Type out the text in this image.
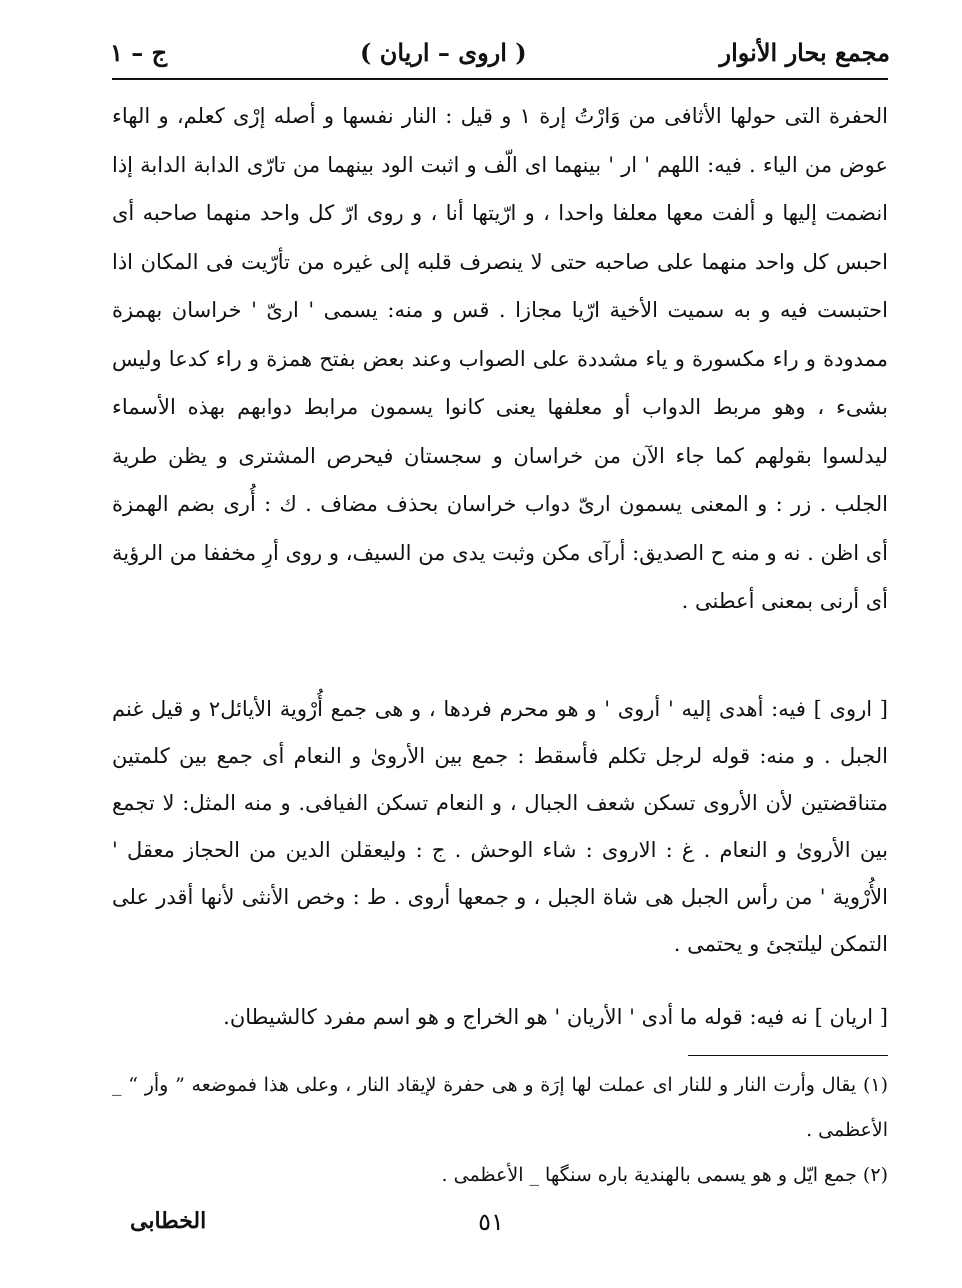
مجمع بحار الأنوار
( اروى – اريان )
ج – ١

الحفرة التى حولها الأثافى من وَارْتُ إرة ١ و قيل : النار نفسها و أصله إرْى كعلم، و الهاء عوض من الياء . فيه: اللهم ' ار ' بينهما اى الّف و اثبت الود بينهما من تارّى الدابة الدابة إذا انضمت إليها و ألفت معها معلفا واحدا ، و ارّيتها أنا ، و روى ارّ كل واحد منهما صاحبه أى احبس كل واحد منهما على صاحبه حتى لا ينصرف قلبه إلى غيره من تأرّيت فى المكان اذا احتبست فيه و به سميت الأخية ارّيا مجازا . قس و منه: يسمى ' ارىّ ' خراسان بهمزة ممدودة و راء مكسورة و ياء مشددة على الصواب وعند بعض بفتح همزة و راء كدعا وليس بشىء ، وهو مربط الدواب أو معلفها يعنى كانوا يسمون مرابط دوابهم بهذه الأسماء ليدلسوا بقولهم كما جاء الآن من خراسان و سجستان فيحرص المشترى و يظن طرية الجلب . زر : و المعنى يسمون ارىّ دواب خراسان بحذف مضاف . ك : أُرى بضم الهمزة أى اظن . نه و منه ح الصديق: أرآى مكن وثبت يدى من السيف، و روى أرِ مخففا من الرؤية أى أرنى بمعنى أعطنى .

[ اروى ] فيه: أهدى إليه ' أروى ' و هو محرم فردها ، و هى جمع أُرْوية الأيائل٢ و قيل غنم الجبل . و منه: قوله لرجل تكلم فأسقط : جمع بين الأروىٰ و النعام أى جمع بين كلمتين متناقضتين لأن الأروى تسكن شعف الجبال ، و النعام تسكن الفيافى. و منه المثل: لا تجمع بين الأروىٰ و النعام . غ : الاروى : شاء الوحش . ج : وليعقلن الدين من الحجاز معقل ' الأُرْوية ' من رأس الجبل هى شاة الجبل ، و جمعها أروى . ط : وخص الأنثى لأنها أقدر على التمكن ليلتجئ و يحتمى .

[ اريان ] نه فيه: قوله ما أدى ' الأريان ' هو الخراج و هو اسم مفرد كالشيطان.

(١) يقال وأرت النار و للنار اى عملت لها إرَة و هى حفرة لإيقاد النار ، وعلى هذا فموضعه ” وأر “ _ الأعظمى .

(٢) جمع ايّل و هو يسمى بالهندية باره سنگها _ الأعظمى .

الخطابى	٥١
